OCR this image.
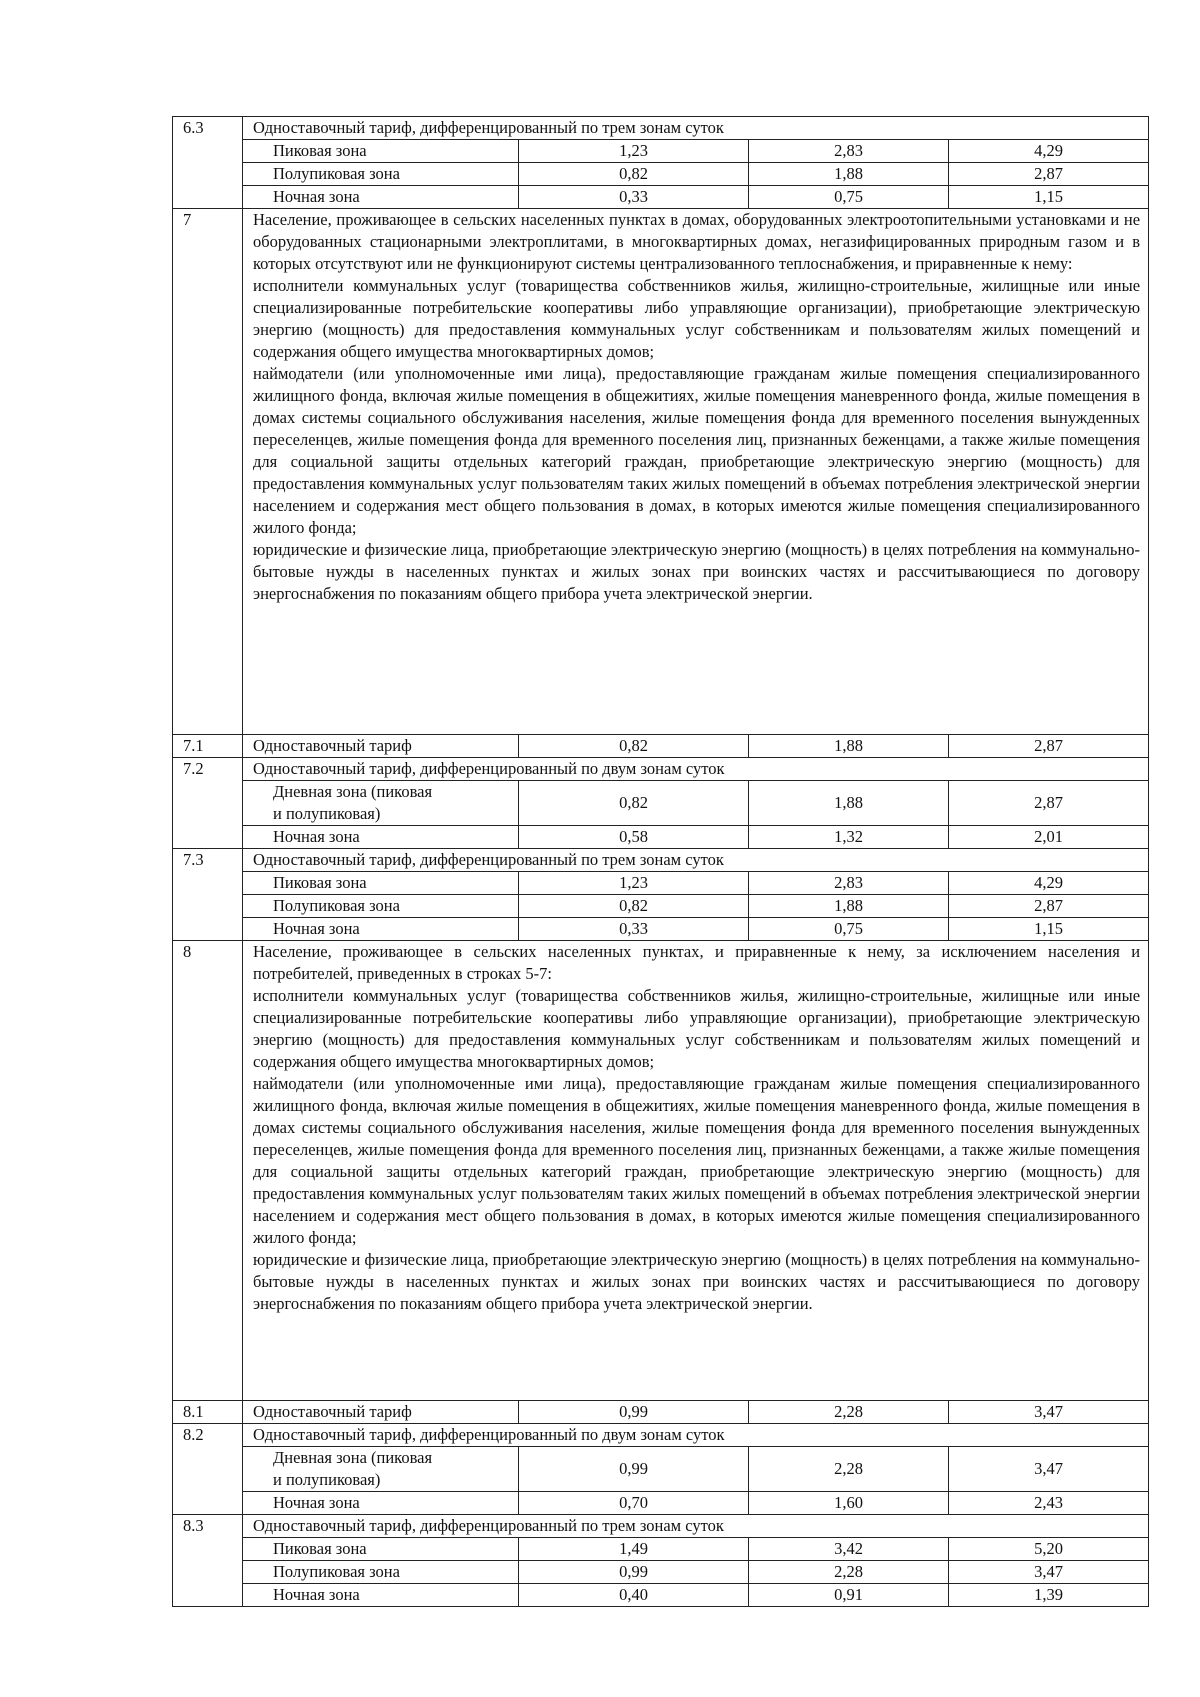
6.3	Одноставочный тариф, дифференцированный по трем зонам суток			
	Пиковая зона	1,23	2,83	4,29
	Полупиковая зона	0,82	1,88	2,87
	Ночная зона	0,33	0,75	1,15
7	Население, проживающее в сельских населенных пунктах в домах, оборудованных электроотопительными установками и не оборудованных стационарными электроплитами, в многоквартирных домах, негазифицированных природным газом и в которых отсутствуют или не функционируют системы централизованного теплоснабжения, и приравненные к нему:
исполнители коммунальных услуг (товарищества собственников жилья, жилищно-строительные, жилищные или иные специализированные потребительские кооперативы либо управляющие организации), приобретающие электрическую энергию (мощность) для предоставления коммунальных услуг собственникам и пользователям жилых помещений и содержания общего имущества многоквартирных домов;
наймодатели (или уполномоченные ими лица), предоставляющие гражданам жилые помещения специализированного жилищного фонда, включая жилые помещения в общежитиях, жилые помещения маневренного фонда, жилые помещения в домах системы социального обслуживания населения, жилые помещения фонда для временного поселения вынужденных переселенцев, жилые помещения фонда для временного поселения лиц, признанных беженцами, а также жилые помещения для социальной защиты отдельных категорий граждан, приобретающие электрическую энергию (мощность) для предоставления коммунальных услуг пользователям таких жилых помещений в объемах потребления электрической энергии населением и содержания мест общего пользования в домах, в которых имеются жилые помещения специализированного жилого фонда;
юридические и физические лица, приобретающие электрическую энергию (мощность) в целях потребления на коммунально-бытовые нужды в населенных пунктах и жилых зонах при воинских частях и рассчитывающиеся по договору энергоснабжения по показаниям общего прибора учета электрической энергии.			

7.1	Одноставочный тариф	0,82	1,88	2,87
7.2	Одноставочный тариф, дифференцированный по двум зонам суток			
	Дневная зона (пиковая
и полупиковая)	0,82	1,88	2,87
	Ночная зона	0,58	1,32	2,01
7.3	Одноставочный тариф, дифференцированный по трем зонам суток			
	Пиковая зона	1,23	2,83	4,29
	Полупиковая зона	0,82	1,88	2,87
	Ночная зона	0,33	0,75	1,15
8	Население, проживающее в сельских населенных пунктах, и приравненные к нему, за исключением населения и потребителей, приведенных в строках 5-7:
исполнители коммунальных услуг (товарищества собственников жилья, жилищно-строительные, жилищные или иные специализированные потребительские кооперативы либо управляющие организации), приобретающие электрическую энергию (мощность) для предоставления коммунальных услуг собственникам и пользователям жилых помещений и содержания общего имущества многоквартирных домов;
наймодатели (или уполномоченные ими лица), предоставляющие гражданам жилые помещения специализированного жилищного фонда, включая жилые помещения в общежитиях, жилые помещения маневренного фонда, жилые помещения в домах системы социального обслуживания населения, жилые помещения фонда для временного поселения вынужденных переселенцев, жилые помещения фонда для временного поселения лиц, признанных беженцами, а также жилые помещения для социальной защиты отдельных категорий граждан, приобретающие электрическую энергию (мощность) для предоставления коммунальных услуг пользователям таких жилых помещений в объемах потребления электрической энергии населением и содержания мест общего пользования в домах, в которых имеются жилые помещения специализированного жилого фонда;
юридические и физические лица, приобретающие электрическую энергию (мощность) в целях потребления на коммунально-бытовые нужды в населенных пунктах и жилых зонах при воинских частях и рассчитывающиеся по договору энергоснабжения по показаниям общего прибора учета электрической энергии.			

8.1	Одноставочный тариф	0,99	2,28	3,47
8.2	Одноставочный тариф, дифференцированный по двум зонам суток			
	Дневная зона (пиковая
и полупиковая)	0,99	2,28	3,47
	Ночная зона	0,70	1,60	2,43
8.3	Одноставочный тариф, дифференцированный по трем зонам суток			
	Пиковая зона	1,49	3,42	5,20
	Полупиковая зона	0,99	2,28	3,47
	Ночная зона	0,40	0,91	1,39
